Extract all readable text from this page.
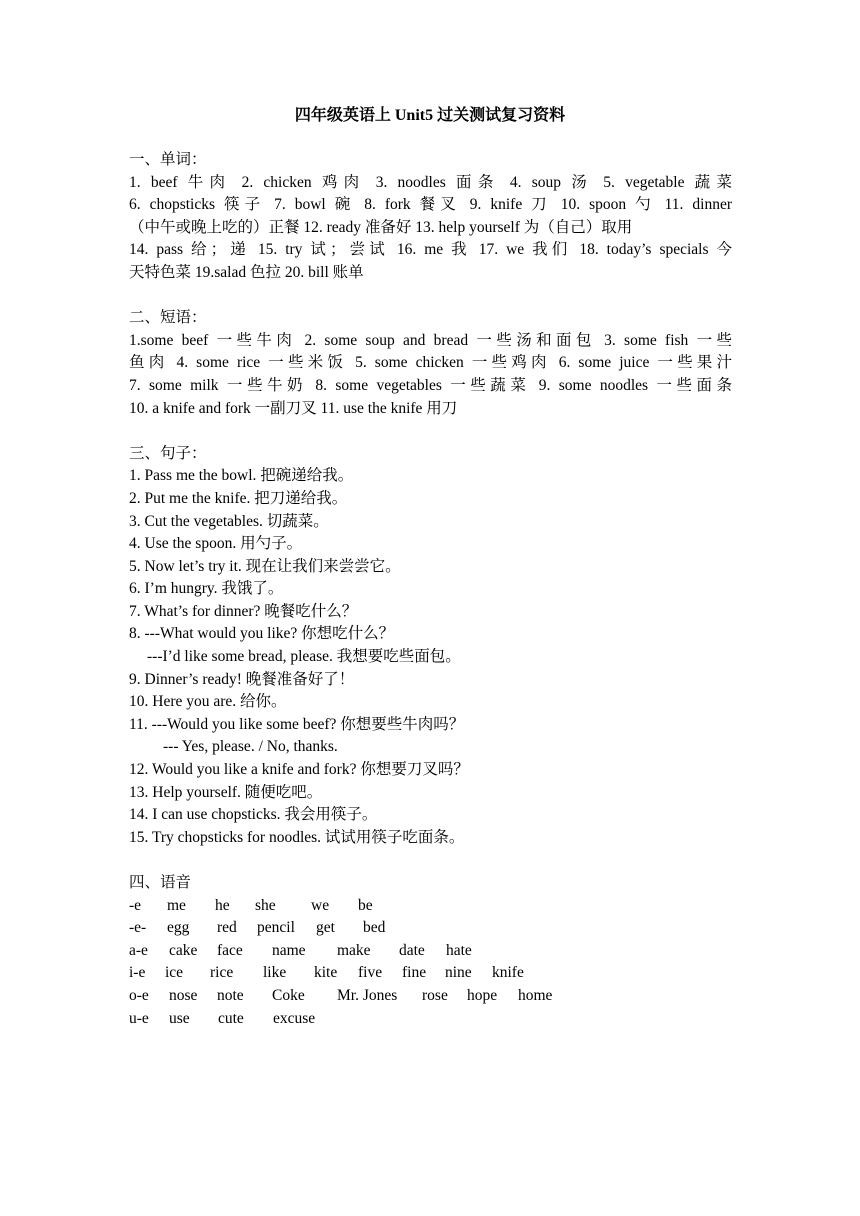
四年级英语上 Unit5 过关测试复习资料
一、单词：
1. beef 牛肉 2. chicken 鸡肉 3. noodles 面条 4. soup 汤 5. vegetable 蔬菜
6. chopsticks 筷子 7. bowl 碗 8. fork 餐叉 9. knife 刀 10. spoon 勺 11. dinner
（中午或晚上吃的）正餐 12. ready 准备好 13. help yourself 为（自己）取用
14. pass 给；递 15. try 试；尝试 16. me 我 17. we 我们 18. today’s specials 今
天特色菜 19.salad 色拉 20. bill 账单
二、短语：
1.some beef 一些牛肉 2. some soup and bread 一些汤和面包 3. some fish 一些
鱼肉 4. some rice 一些米饭 5. some chicken 一些鸡肉 6. some juice 一些果汁
7. some milk 一些牛奶 8. some vegetables 一些蔬菜 9. some noodles 一些面条
10. a knife and fork 一副刀叉 11. use the knife 用刀
三、句子：
1. Pass me the bowl. 把碗递给我。
2. Put me the knife. 把刀递给我。
3. Cut the vegetables. 切蔬菜。
4. Use the spoon. 用勺子。
5. Now let’s try it. 现在让我们来尝尝它。
6. I’m hungry. 我饿了。
7. What’s for dinner? 晚餐吃什么？
8. ---What would you like? 你想吃什么？
---I’d like some bread, please. 我想要吃些面包。
9. Dinner’s ready! 晚餐准备好了！
10. Here you are. 给你。
11. ---Would you like some beef? 你想要些牛肉吗？
--- Yes, please. / No, thanks.
12. Would you like a knife and fork? 你想要刀叉吗？
13. Help yourself. 随便吃吧。
14. I can use chopsticks. 我会用筷子。
15. Try chopsticks for noodles. 试试用筷子吃面条。
四、语音
-e	me	he	she	we	be
-e-	egg	red	pencil	get	bed
a-e	cake	face	name	make	date	hate
i-e	ice	rice	like	kite	five	fine	nine	knife
o-e	nose	note	Coke	Mr. Jones	rose	hope	home
u-e	use	cute	excuse
